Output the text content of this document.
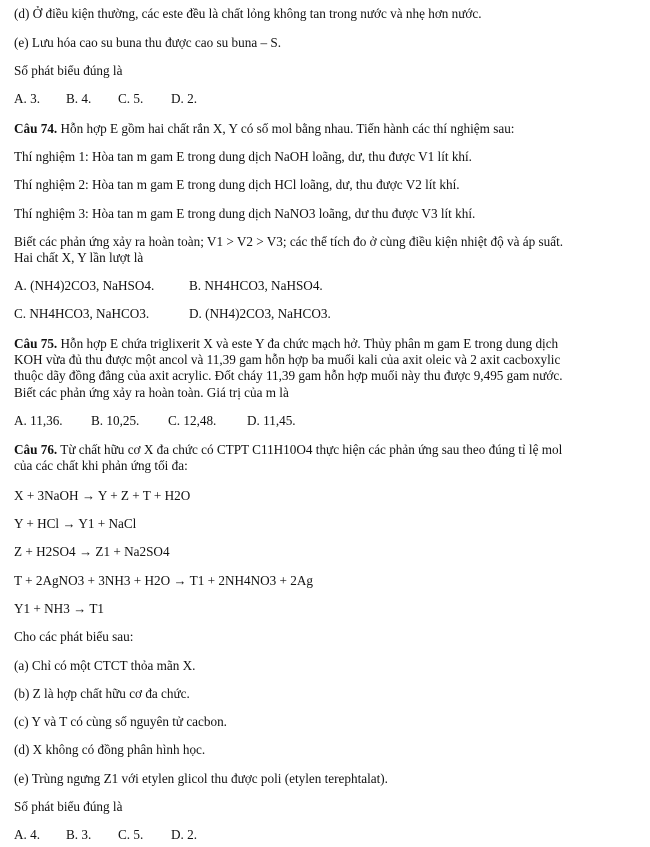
(d) Ở điều kiện thường, các este đều là chất lỏng không tan trong nước và nhẹ hơn nước.
(e) Lưu hóa cao su buna thu được cao su buna – S.
Số phát biểu đúng là
A. 3. B. 4. C. 5. D. 2.
Câu 74. Hỗn hợp E gồm hai chất rắn X, Y có số mol bằng nhau. Tiến hành các thí nghiệm sau:
Thí nghiệm 1: Hòa tan m gam E trong dung dịch NaOH loãng, dư, thu được V1 lít khí.
Thí nghiệm 2: Hòa tan m gam E trong dung dịch HCl loãng, dư, thu được V2 lít khí.
Thí nghiệm 3: Hòa tan m gam E trong dung dịch NaNO3 loãng, dư thu được V3 lít khí.
Biết các phản ứng xảy ra hoàn toàn; V1 > V2 > V3; các thể tích đo ở cùng điều kiện nhiệt độ và áp suất.
Hai chất X, Y lần lượt là
A. (NH4)2CO3, NaHSO4.	B. NH4HCO3, NaHSO4.
C. NH4HCO3, NaHCO3.	D. (NH4)2CO3, NaHCO3.
Câu 75. Hỗn hợp E chứa triglixerit X và este Y đa chức mạch hở. Thủy phân m gam E trong dung dịch
KOH vừa đủ thu được một ancol và 11,39 gam hỗn hợp ba muối kali của axit oleic và 2 axit cacboxylic
thuộc dãy đồng đẳng của axit acrylic. Đốt cháy 11,39 gam hỗn hợp muối này thu được 9,495 gam nước.
Biết các phản ứng xảy ra hoàn toàn. Giá trị của m là
A. 11,36. B. 10,25. C. 12,48. D. 11,45.
Câu 76. Từ chất hữu cơ X đa chức có CTPT C11H10O4 thực hiện các phản ứng sau theo đúng tỉ lệ mol
của các chất khi phản ứng tối đa:
X + 3NaOH → Y + Z + T + H2O
Y + HCl → Y1 + NaCl
Z + H2SO4 → Z1 + Na2SO4
T + 2AgNO3 + 3NH3 + H2O → T1 + 2NH4NO3 + 2Ag
Y1 + NH3 → T1
Cho các phát biểu sau:
(a) Chỉ có một CTCT thỏa mãn X.
(b) Z là hợp chất hữu cơ đa chức.
(c) Y và T có cùng số nguyên tử cacbon.
(d) X không có đồng phân hình học.
(e) Trùng ngưng Z1 với etylen glicol thu được poli (etylen terephtalat).
Số phát biểu đúng là
A. 4. B. 3. C. 5. D. 2.
